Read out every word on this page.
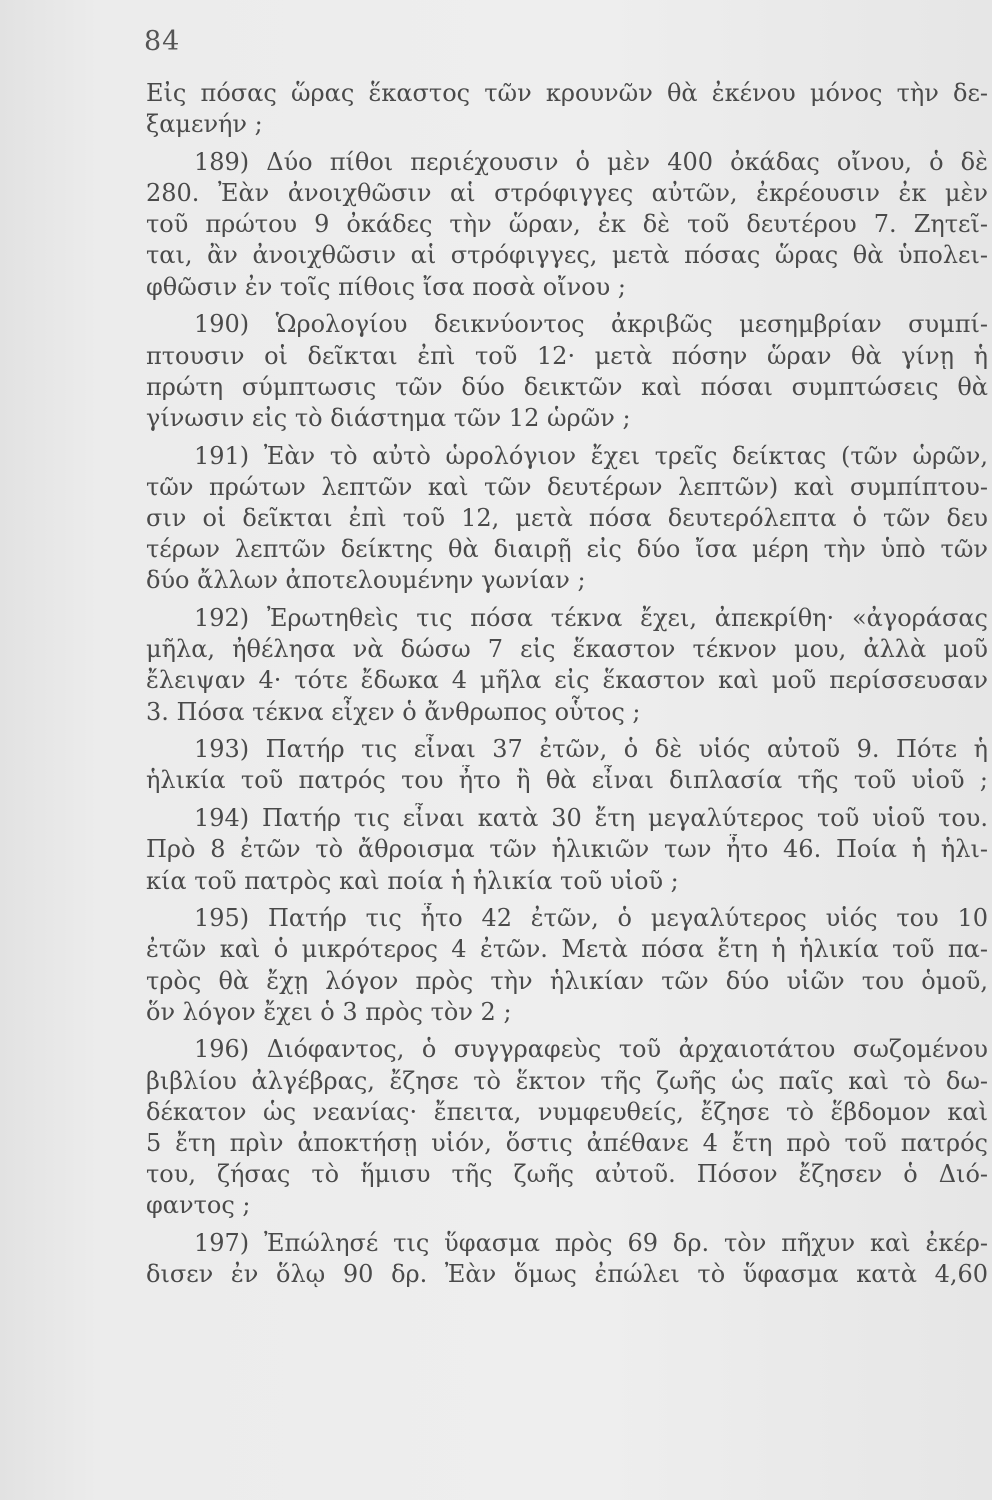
84
Εἰς πόσας ὥρας ἕκαστος τῶν κρουνῶν θὰ ἐκένου μόνος τὴν δε-
ξαμενήν ;
189) Δύο πίθοι περιέχουσιν ὁ μὲν 400 ὀκάδας οἴνου, ὁ δὲ
280. Ἐὰν ἀνοιχθῶσιν αἱ στρόφιγγες αὐτῶν, ἐκρέουσιν ἐκ μὲν
τοῦ πρώτου 9 ὀκάδες τὴν ὥραν, ἐκ δὲ τοῦ δευτέρου 7. Ζητεῖ-
ται, ἂν ἀνοιχθῶσιν αἱ στρόφιγγες, μετὰ πόσας ὥρας θὰ ὑπολει-
φθῶσιν ἐν τοῖς πίθοις ἴσα ποσὰ οἴνου ;
190) Ὡρολογίου δεικνύοντος ἀκριβῶς μεσημβρίαν συμπί-
πτουσιν οἱ δεῖκται ἐπὶ τοῦ 12· μετὰ πόσην ὥραν θὰ γίνῃ ἡ
πρώτη σύμπτωσις τῶν δύο δεικτῶν καὶ πόσαι συμπτώσεις θὰ
γίνωσιν εἰς τὸ διάστημα τῶν 12 ὡρῶν ;
191) Ἐὰν τὸ αὐτὸ ὡρολόγιον ἔχει τρεῖς δείκτας (τῶν ὡρῶν,
τῶν πρώτων λεπτῶν καὶ τῶν δευτέρων λεπτῶν) καὶ συμπίπτου-
σιν οἱ δεῖκται ἐπὶ τοῦ 12, μετὰ πόσα δευτερόλεπτα ὁ τῶν δευ
τέρων λεπτῶν δείκτης θὰ διαιρῇ εἰς δύο ἴσα μέρη τὴν ὑπὸ τῶν
δύο ἄλλων ἀποτελουμένην γωνίαν ;
192) Ἐρωτηθεὶς τις πόσα τέκνα ἔχει, ἀπεκρίθη· «ἀγοράσας
μῆλα, ἠθέλησα νὰ δώσω 7 εἰς ἕκαστον τέκνον μου, ἀλλὰ μοῦ
ἔλειψαν 4· τότε ἔδωκα 4 μῆλα εἰς ἕκαστον καὶ μοῦ περίσσευσαν
3. Πόσα τέκνα εἶχεν ὁ ἄνθρωπος οὗτος ;
193) Πατήρ τις εἶναι 37 ἐτῶν, ὁ δὲ υἱός αὐτοῦ 9. Πότε ἡ
ἡλικία τοῦ πατρός του ἦτο ἢ θὰ εἶναι διπλασία τῆς τοῦ υἱοῦ ;
194) Πατήρ τις εἶναι κατὰ 30 ἔτη μεγαλύτερος τοῦ υἱοῦ του.
Πρὸ 8 ἐτῶν τὸ ἄθροισμα τῶν ἡλικιῶν των ἦτο 46. Ποία ἡ ἡλι-
κία τοῦ πατρὸς καὶ ποία ἡ ἡλικία τοῦ υἱοῦ ;
195) Πατήρ τις ἦτο 42 ἐτῶν, ὁ μεγαλύτερος υἱός του 10
ἐτῶν καὶ ὁ μικρότερος 4 ἐτῶν. Μετὰ πόσα ἔτη ἡ ἡλικία τοῦ πα-
τρὸς θὰ ἔχῃ λόγον πρὸς τὴν ἡλικίαν τῶν δύο υἱῶν του ὁμοῦ,
ὅν λόγον ἔχει ὁ 3 πρὸς τὸν 2 ;
196) Διόφαντος, ὁ συγγραφεὺς τοῦ ἀρχαιοτάτου σωζομένου
βιβλίου ἀλγέβρας, ἔζησε τὸ ἕκτον τῆς ζωῆς ὡς παῖς καὶ τὸ δω-
δέκατον ὡς νεανίας· ἔπειτα, νυμφευθείς, ἔζησε τὸ ἕβδομον καὶ
5 ἔτη πρὶν ἀποκτήσῃ υἱόν, ὅστις ἀπέθανε 4 ἔτη πρὸ τοῦ πατρός
του, ζήσας τὸ ἥμισυ τῆς ζωῆς αὐτοῦ. Πόσον ἔζησεν ὁ Διό-
φαντος ;
197) Ἐπώλησέ τις ὕφασμα πρὸς 69 δρ. τὸν πῆχυν καὶ ἐκέρ-
δισεν ἐν ὅλῳ 90 δρ. Ἐὰν ὅμως ἐπώλει τὸ ὕφασμα κατὰ 4,60
